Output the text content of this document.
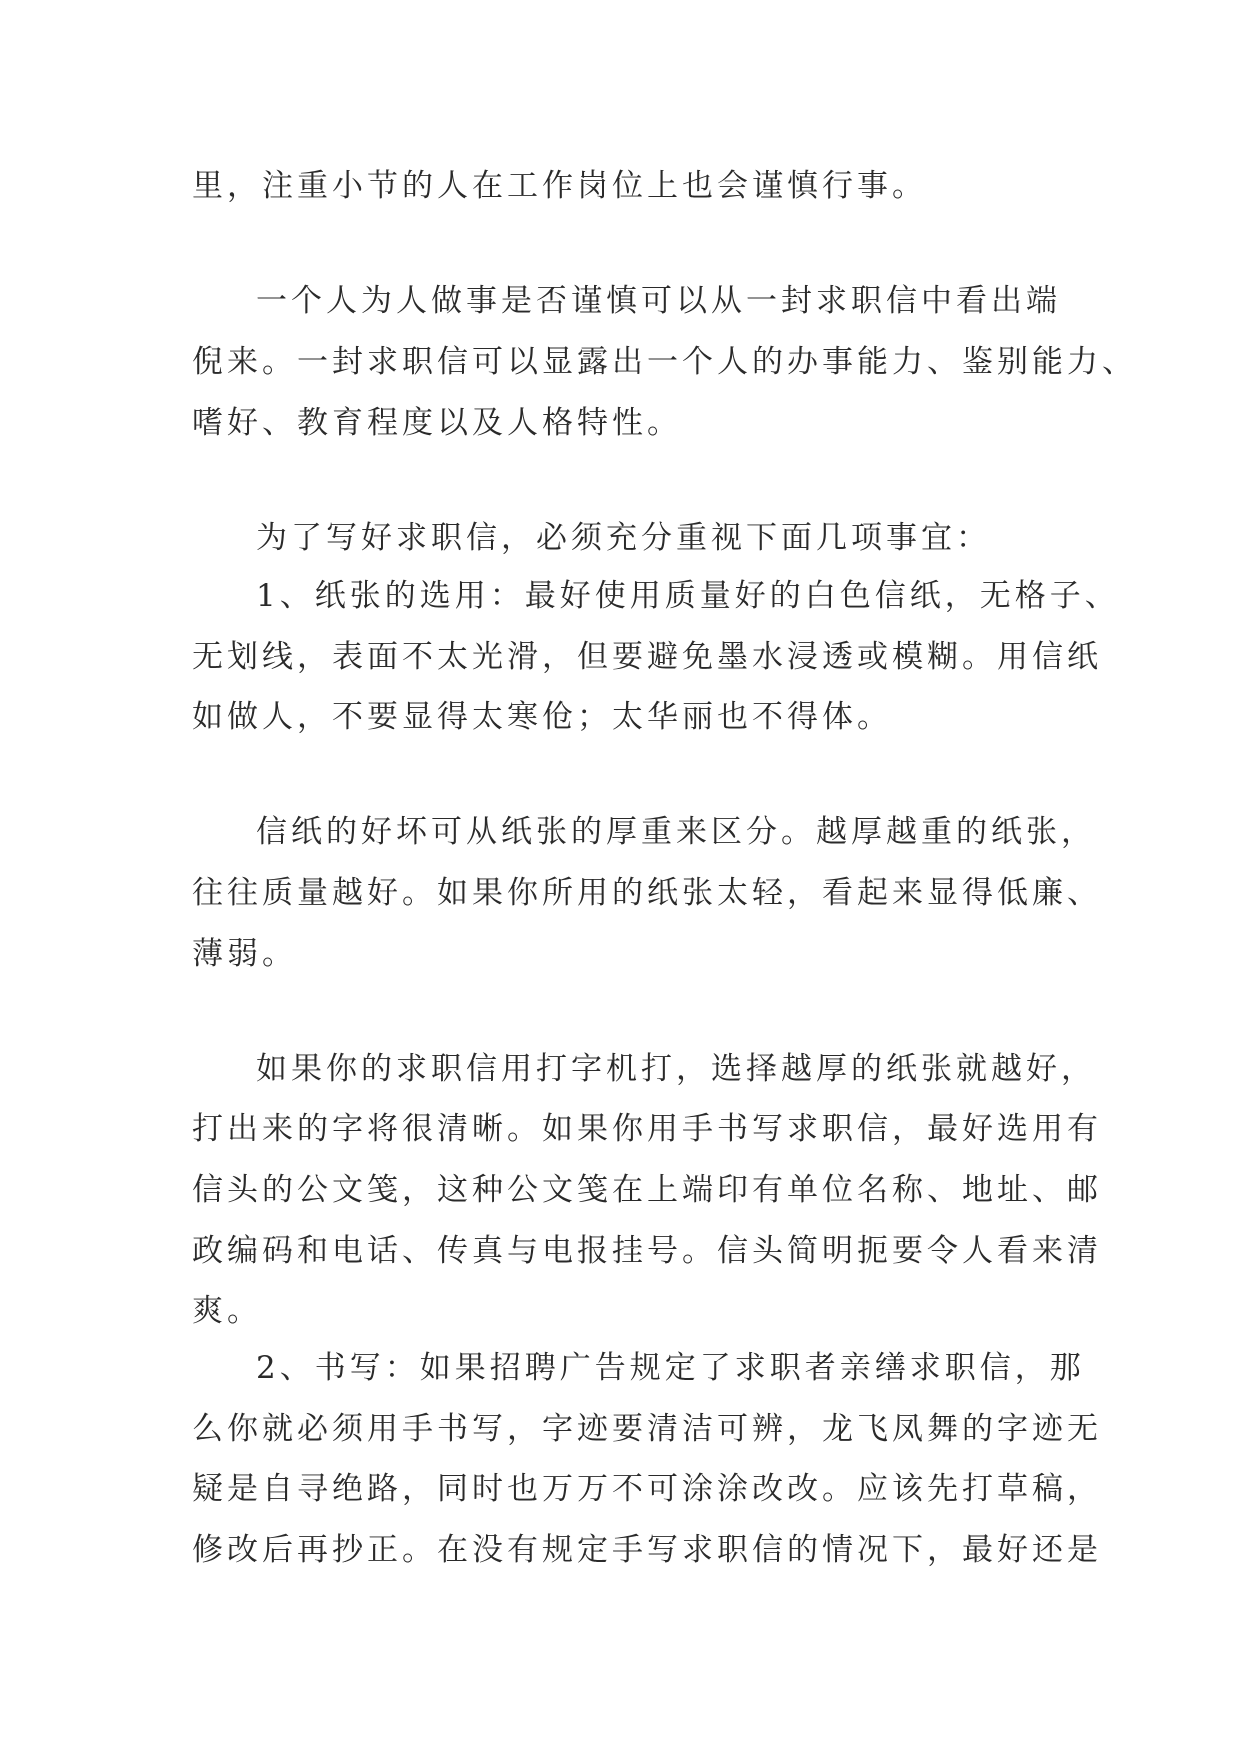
里，注重小节的人在工作岗位上也会谨慎行事。

一个人为人做事是否谨慎可以从一封求职信中看出端

倪来。一封求职信可以显露出一个人的办事能力、鉴别能力、

嗜好、教育程度以及人格特性。

为了写好求职信，必须充分重视下面几项事宜：

1、纸张的选用：最好使用质量好的白色信纸，无格子、

无划线，表面不太光滑，但要避免墨水浸透或模糊。用信纸

如做人，不要显得太寒伧；太华丽也不得体。

信纸的好坏可从纸张的厚重来区分。越厚越重的纸张，

往往质量越好。如果你所用的纸张太轻，看起来显得低廉、

薄弱。

如果你的求职信用打字机打，选择越厚的纸张就越好，

打出来的字将很清晰。如果你用手书写求职信，最好选用有

信头的公文笺，这种公文笺在上端印有单位名称、地址、邮

政编码和电话、传真与电报挂号。信头简明扼要令人看来清

爽。

2、书写：如果招聘广告规定了求职者亲缮求职信，那

么你就必须用手书写，字迹要清洁可辨，龙飞凤舞的字迹无

疑是自寻绝路，同时也万万不可涂涂改改。应该先打草稿，

修改后再抄正。在没有规定手写求职信的情况下，最好还是
